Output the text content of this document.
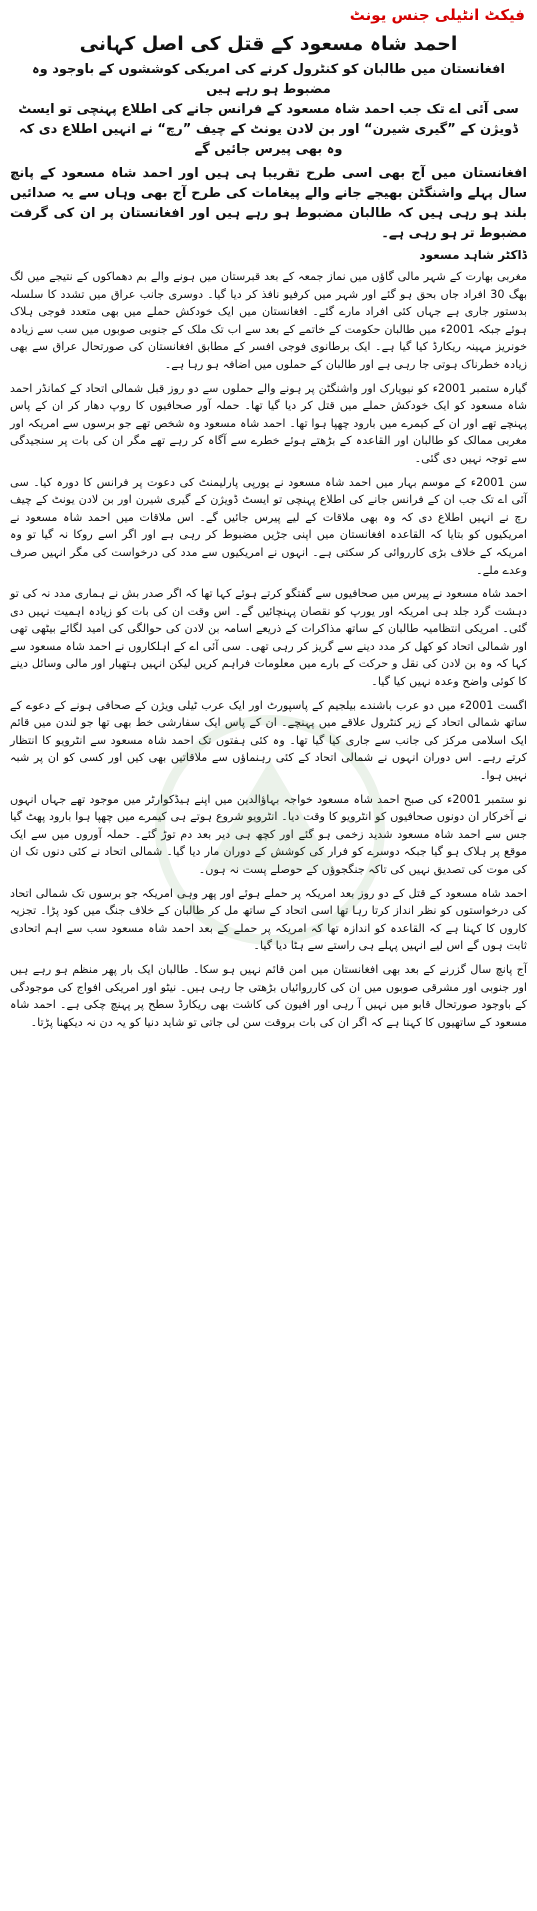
فیکٹ انٹیلی جنس یونٹ
احمد شاہ مسعود کے قتل کی اصل کہانی
افغانستان میں طالبان کو کنٹرول کرنے کی امریکی کوششوں کے باوجود وہ مضبوط ہو رہے ہیں
سی آئی اے تک جب احمد شاہ مسعود کے فرانس جانے کی اطلاع پہنچی تو ایسٹ ڈویژن کے ”گیری شیرن“ اور بن لادن یونٹ کے چیف ”رچ“ نے انہیں اطلاع دی کہ وہ بھی پیرس جائیں گے
افغانستان میں آج بھی اسی طرح تقریبا ہی ہیں اور احمد شاہ مسعود کے پانچ سال پہلے واشنگٹن بھیجے جانے والے پیغامات کی طرح آج بھی وہاں سے یہ صدائیں بلند ہو رہی ہیں کہ طالبان مضبوط ہو رہے ہیں اور افغانستان پر ان کی گرفت مضبوط تر ہو رہی ہے۔
ڈاکٹر شاہد مسعود

مغربی بھارت کے شہر مالی گاؤں میں نماز جمعہ کے بعد قبرستان میں ہونے والے بم دھماکوں کے نتیجے میں لگ بھگ 30 افراد جاں بحق ہو گئے اور شہر میں کرفیو نافذ کر دیا گیا۔ دوسری جانب عراق میں تشدد کا سلسلہ بدستور جاری ہے جہاں کئی افراد مارے گئے۔ افغانستان میں ایک خودکش حملے میں بھی متعدد فوجی ہلاک ہوئے جبکہ 2001ء میں طالبان حکومت کے خاتمے کے بعد سے اب تک ملک کے جنوبی صوبوں میں سب سے زیادہ خونریز مہینہ ریکارڈ کیا گیا ہے۔ ایک برطانوی فوجی افسر کے مطابق افغانستان کی صورتحال عراق سے بھی زیادہ خطرناک ہوتی جا رہی ہے اور طالبان کے حملوں میں اضافہ ہو رہا ہے۔

گیارہ ستمبر 2001ء کو نیویارک اور واشنگٹن پر ہونے والے حملوں سے دو روز قبل شمالی اتحاد کے کمانڈر احمد شاہ مسعود کو ایک خودکش حملے میں قتل کر دیا گیا تھا۔ حملہ آور صحافیوں کا روپ دھار کر ان کے پاس پہنچے تھے اور ان کے کیمرے میں بارود چھپا ہوا تھا۔ احمد شاہ مسعود وہ شخص تھے جو برسوں سے امریکہ اور مغربی ممالک کو طالبان اور القاعدہ کے بڑھتے ہوئے خطرے سے آگاہ کر رہے تھے مگر ان کی بات پر سنجیدگی سے توجہ نہیں دی گئی۔

سن 2001ء کے موسم بہار میں احمد شاہ مسعود نے یورپی پارلیمنٹ کی دعوت پر فرانس کا دورہ کیا۔ سی آئی اے تک جب ان کے فرانس جانے کی اطلاع پہنچی تو ایسٹ ڈویژن کے گیری شیرن اور بن لادن یونٹ کے چیف رچ نے انہیں اطلاع دی کہ وہ بھی ملاقات کے لیے پیرس جائیں گے۔ اس ملاقات میں احمد شاہ مسعود نے امریکیوں کو بتایا کہ القاعدہ افغانستان میں اپنی جڑیں مضبوط کر رہی ہے اور اگر اسے روکا نہ گیا تو وہ امریکہ کے خلاف بڑی کارروائی کر سکتی ہے۔ انہوں نے امریکیوں سے مدد کی درخواست کی مگر انہیں صرف وعدے ملے۔

احمد شاہ مسعود نے پیرس میں صحافیوں سے گفتگو کرتے ہوئے کہا تھا کہ اگر صدر بش نے ہماری مدد نہ کی تو دہشت گرد جلد ہی امریکہ اور یورپ کو نقصان پہنچائیں گے۔ اس وقت ان کی بات کو زیادہ اہمیت نہیں دی گئی۔ امریکی انتظامیہ طالبان کے ساتھ مذاکرات کے ذریعے اسامہ بن لادن کی حوالگی کی امید لگائے بیٹھی تھی اور شمالی اتحاد کو کھل کر مدد دینے سے گریز کر رہی تھی۔ سی آئی اے کے اہلکاروں نے احمد شاہ مسعود سے کہا کہ وہ بن لادن کی نقل و حرکت کے بارے میں معلومات فراہم کریں لیکن انہیں ہتھیار اور مالی وسائل دینے کا کوئی واضح وعدہ نہیں کیا گیا۔

اگست 2001ء میں دو عرب باشندے بیلجیم کے پاسپورٹ اور ایک عرب ٹیلی ویژن کے صحافی ہونے کے دعوے کے ساتھ شمالی اتحاد کے زیر کنٹرول علاقے میں پہنچے۔ ان کے پاس ایک سفارشی خط بھی تھا جو لندن میں قائم ایک اسلامی مرکز کی جانب سے جاری کیا گیا تھا۔ وہ کئی ہفتوں تک احمد شاہ مسعود سے انٹرویو کا انتظار کرتے رہے۔ اس دوران انہوں نے شمالی اتحاد کے کئی رہنماؤں سے ملاقاتیں بھی کیں اور کسی کو ان پر شبہ نہیں ہوا۔

نو ستمبر 2001ء کی صبح احمد شاہ مسعود خواجہ بہاؤالدین میں اپنے ہیڈکوارٹر میں موجود تھے جہاں انہوں نے آخرکار ان دونوں صحافیوں کو انٹرویو کا وقت دیا۔ انٹرویو شروع ہوتے ہی کیمرے میں چھپا ہوا بارود پھٹ گیا جس سے احمد شاہ مسعود شدید زخمی ہو گئے اور کچھ ہی دیر بعد دم توڑ گئے۔ حملہ آوروں میں سے ایک موقع پر ہلاک ہو گیا جبکہ دوسرے کو فرار کی کوشش کے دوران مار دیا گیا۔ شمالی اتحاد نے کئی دنوں تک ان کی موت کی تصدیق نہیں کی تاکہ جنگجوؤں کے حوصلے پست نہ ہوں۔

احمد شاہ مسعود کے قتل کے دو روز بعد امریکہ پر حملے ہوئے اور پھر وہی امریکہ جو برسوں تک شمالی اتحاد کی درخواستوں کو نظر انداز کرتا رہا تھا اسی اتحاد کے ساتھ مل کر طالبان کے خلاف جنگ میں کود پڑا۔ تجزیہ کاروں کا کہنا ہے کہ القاعدہ کو اندازہ تھا کہ امریکہ پر حملے کے بعد احمد شاہ مسعود سب سے اہم اتحادی ثابت ہوں گے اس لیے انہیں پہلے ہی راستے سے ہٹا دیا گیا۔

آج پانچ سال گزرنے کے بعد بھی افغانستان میں امن قائم نہیں ہو سکا۔ طالبان ایک بار پھر منظم ہو رہے ہیں اور جنوبی اور مشرقی صوبوں میں ان کی کارروائیاں بڑھتی جا رہی ہیں۔ نیٹو اور امریکی افواج کی موجودگی کے باوجود صورتحال قابو میں نہیں آ رہی اور افیون کی کاشت بھی ریکارڈ سطح پر پہنچ چکی ہے۔ احمد شاہ مسعود کے ساتھیوں کا کہنا ہے کہ اگر ان کی بات بروقت سن لی جاتی تو شاید دنیا کو یہ دن نہ دیکھنا پڑتا۔
